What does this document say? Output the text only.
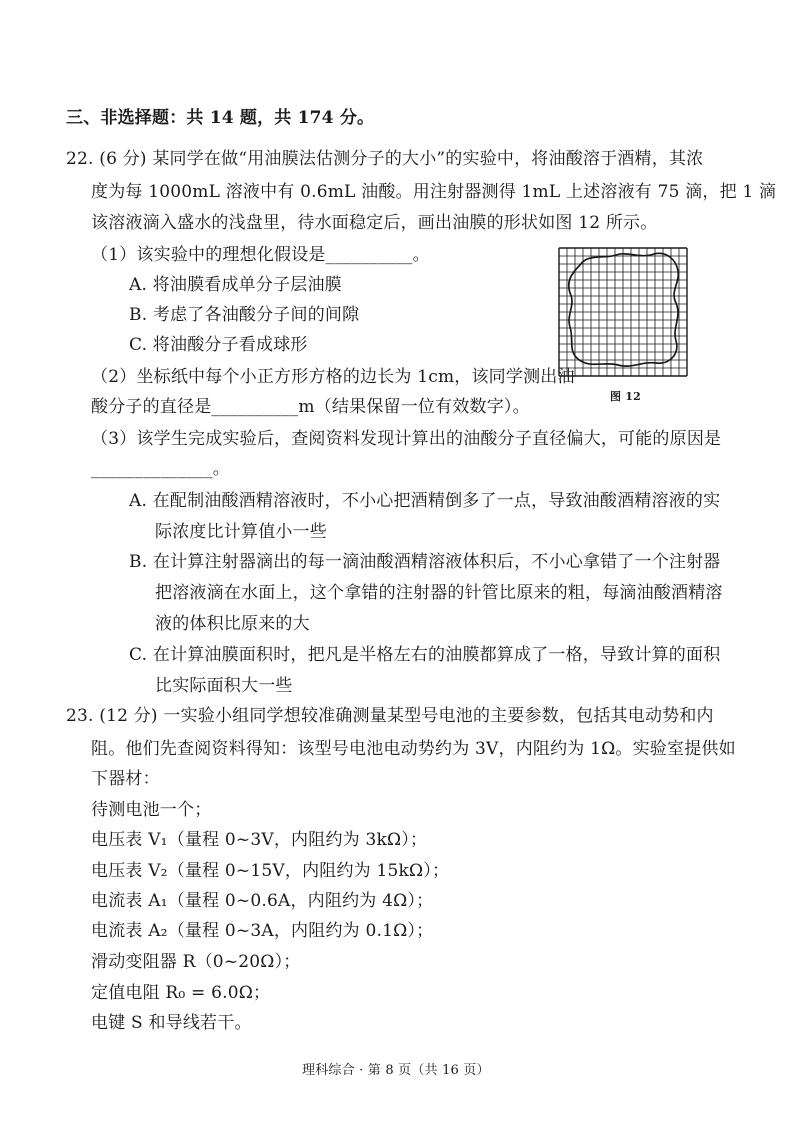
三、非选择题：共 14 题，共 174 分。

22. (6 分) 某同学在做“用油膜法估测分子的大小”的实验中，将油酸溶于酒精，其浓

度为每 1000mL 溶液中有 0.6mL 油酸。用注射器测得 1mL 上述溶液有 75 滴，把 1 滴

该溶液滴入盛水的浅盘里，待水面稳定后，画出油膜的形状如图 12 所示。

（1）该实验中的理想化假设是__________。

A. 将油膜看成单分子层油膜

B. 考虑了各油酸分子间的间隙

C. 将油酸分子看成球形

（2）坐标纸中每个小正方形方格的边长为 1cm，该同学测出油

酸分子的直径是__________m（结果保留一位有效数字）。

（3）该学生完成实验后，查阅资料发现计算出的油酸分子直径偏大，可能的原因是

______________。

A. 在配制油酸酒精溶液时，不小心把酒精倒多了一点，导致油酸酒精溶液的实

际浓度比计算值小一些

B. 在计算注射器滴出的每一滴油酸酒精溶液体积后，不小心拿错了一个注射器

把溶液滴在水面上，这个拿错的注射器的针管比原来的粗，每滴油酸酒精溶

液的体积比原来的大

C. 在计算油膜面积时，把凡是半格左右的油膜都算成了一格，导致计算的面积

比实际面积大一些

图 12

23. (12 分) 一实验小组同学想较准确测量某型号电池的主要参数，包括其电动势和内

阻。他们先查阅资料得知：该型号电池电动势约为 3V，内阻约为 1Ω。实验室提供如

下器材：

待测电池一个；

电压表 V₁（量程 0~3V，内阻约为 3kΩ）；

电压表 V₂（量程 0~15V，内阻约为 15kΩ）；

电流表 A₁（量程 0~0.6A，内阻约为 4Ω）；

电流表 A₂（量程 0~3A，内阻约为 0.1Ω）；

滑动变阻器 R（0~20Ω）；

定值电阻 R₀ = 6.0Ω；

电键 S 和导线若干。

理科综合 · 第 8 页（共 16 页）
